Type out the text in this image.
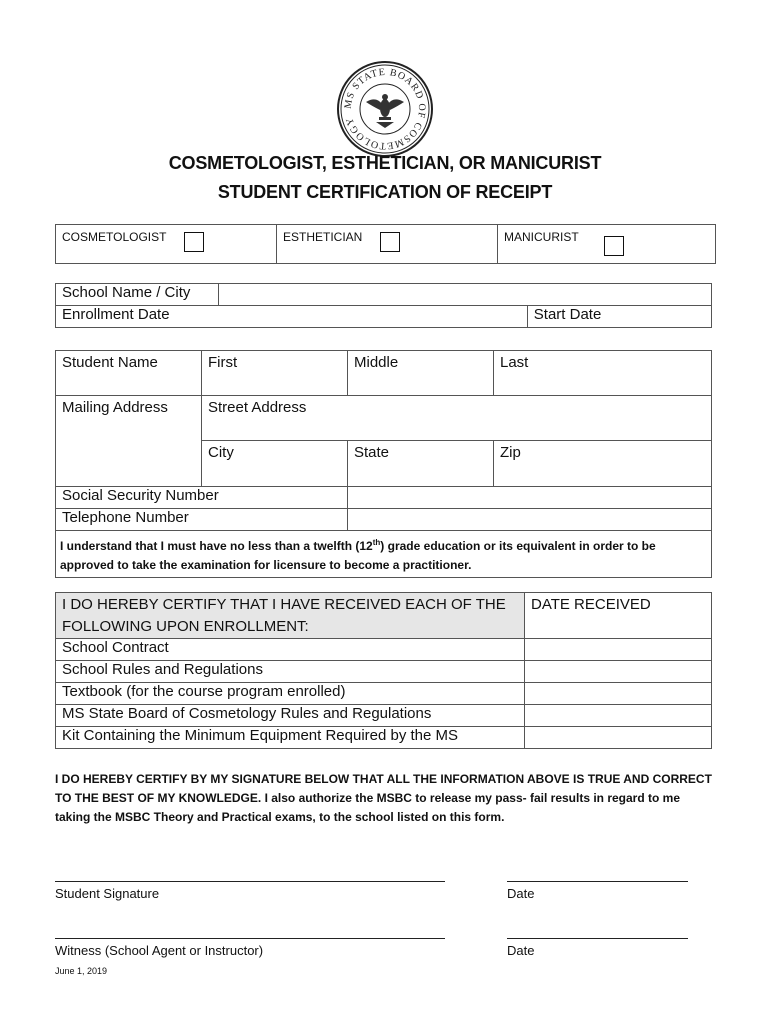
MS STATE BOARD OF COSMETOLOGY
COSMETOLOGIST, ESTHETICIAN, OR MANICURIST
STUDENT CERTIFICATION OF RECEIPT
COSMETOLOGIST	ESTHETICIAN	MANICURIST
School Name / City		
Enrollment Date		Start Date
Student Name	First	Middle	Last
Mailing Address	Street Address		
	City	State	Zip
Social Security Number			
Telephone Number			
I understand that I must have no less than a twelfth (12th) grade education or its equivalent in order to be approved to take the examination for licensure to become a practitioner.			
I DO HEREBY CERTIFY THAT I HAVE RECEIVED EACH OF THE FOLLOWING UPON ENROLLMENT:	DATE RECEIVED
School Contract	
School Rules and Regulations	
Textbook (for the course program enrolled)	
MS State Board of Cosmetology Rules and Regulations	
Kit Containing the Minimum Equipment Required by the MS	
I DO HEREBY CERTIFY BY MY SIGNATURE BELOW THAT ALL THE INFORMATION ABOVE IS TRUE AND CORRECT TO THE BEST OF MY KNOWLEDGE. I also authorize the MSBC to release my pass- fail results in regard to me taking the MSBC Theory and Practical exams, to the school listed on this form.
Student Signature	Date
Witness (School Agent or Instructor)	Date
June 1, 2019
